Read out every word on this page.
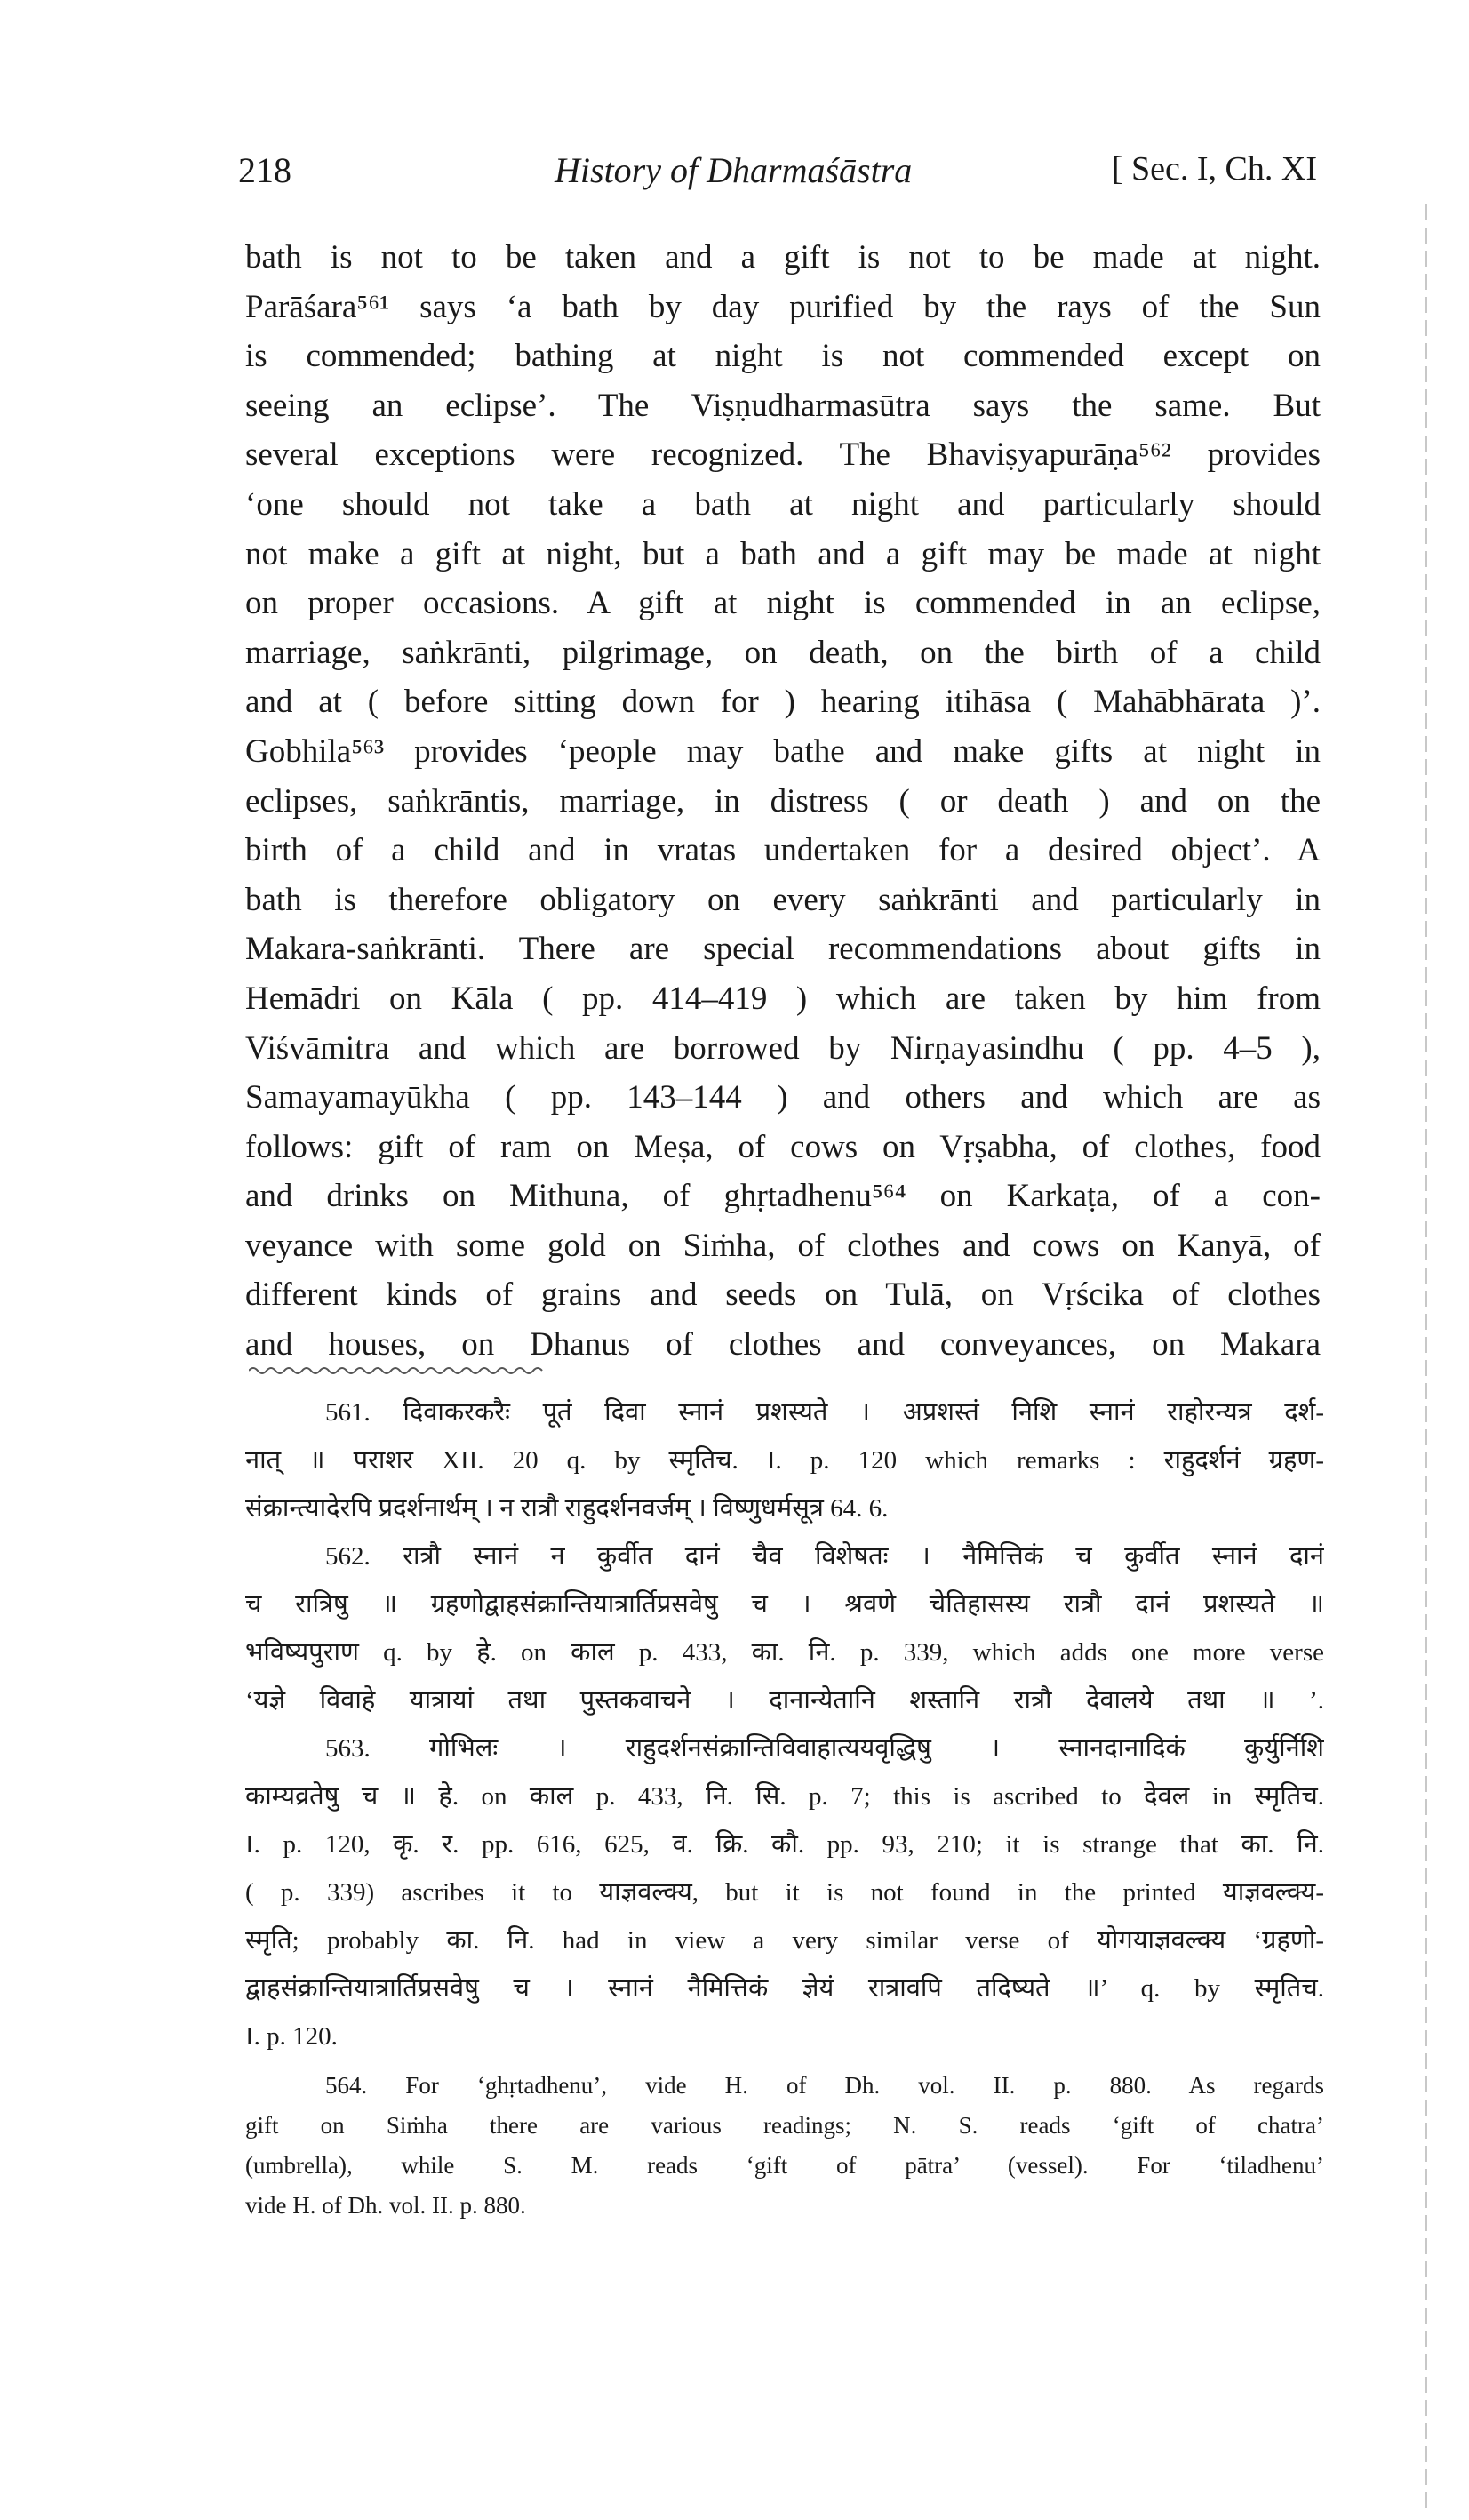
218	History of Dharmaśāstra	[ Sec. I, Ch. XI
bath is not to be taken and a gift is not to be made at night.
Parāśara⁵⁶¹ says ‘a bath by day purified by the rays of the Sun
is commended; bathing at night is not commended except on
seeing an eclipse’. The Viṣṇudharmasūtra says the same. But
several exceptions were recognized. The Bhaviṣyapurāṇa⁵⁶² provides
‘one should not take a bath at night and particularly should
not make a gift at night, but a bath and a gift may be made at night
on proper occasions. A gift at night is commended in an eclipse,
marriage, saṅkrānti, pilgrimage, on death, on the birth of a child
and at ( before sitting down for ) hearing itihāsa ( Mahābhārata )’.
Gobhila⁵⁶³ provides ‘people may bathe and make gifts at night in
eclipses, saṅkrāntis, marriage, in distress ( or death ) and on the
birth of a child and in vratas undertaken for a desired object’. A
bath is therefore obligatory on every saṅkrānti and particularly in
Makara-saṅkrānti. There are special recommendations about gifts in
Hemādri on Kāla ( pp. 414–419 ) which are taken by him from
Viśvāmitra and which are borrowed by Nirṇayasindhu ( pp. 4–5 ),
Samayamayūkha ( pp. 143–144 ) and others and which are as
follows: gift of ram on Meṣa, of cows on Vṛṣabha, of clothes, food
and drinks on Mithuna, of ghṛtadhenu⁵⁶⁴ on Karkaṭa, of a con-
veyance with some gold on Siṁha, of clothes and cows on Kanyā, of
different kinds of grains and seeds on Tulā, on Vṛścika of clothes
and houses, on Dhanus of clothes and conveyances, on Makara
561. दिवाकरकरैः पूतं दिवा स्नानं प्रशस्यते । अप्रशस्तं निशि स्नानं राहोरन्यत्र दर्श-
नात् ॥ पराशर XII. 20 q. by स्मृतिच. I. p. 120 which remarks : राहुदर्शनं ग्रहण-
संक्रान्त्यादेरपि प्रदर्शनार्थम् । न रात्रौ राहुदर्शनवर्जम् । विष्णुधर्मसूत्र 64. 6.
562. रात्रौ स्नानं न कुर्वीत दानं चैव विशेषतः । नैमित्तिकं च कुर्वीत स्नानं दानं
च रात्रिषु ॥ ग्रहणोद्वाहसंक्रान्तियात्रार्तिप्रसवेषु च । श्रवणे चेतिहासस्य रात्रौ दानं प्रशस्यते ॥
भविष्यपुराण q. by हे. on काल p. 433, का. नि. p. 339, which adds one more verse
‘यज्ञे विवाहे यात्रायां तथा पुस्तकवाचने । दानान्येतानि शस्तानि रात्रौ देवालये तथा ॥ ’.
563. गोभिलः । राहुदर्शनसंक्रान्तिविवाहात्ययवृद्धिषु । स्नानदानादिकं कुर्युर्निशि
काम्यव्रतेषु च ॥ हे. on काल p. 433, नि. सि. p. 7; this is ascribed to देवल in स्मृतिच.
I. p. 120, कृ. र. pp. 616, 625, व. क्रि. कौ. pp. 93, 210; it is strange that का. नि.
( p. 339) ascribes it to याज्ञवल्क्य, but it is not found in the printed याज्ञवल्क्य-
स्मृति; probably का. नि. had in view a very similar verse of योगयाज्ञवल्क्य ‘ग्रहणो-
द्वाहसंक्रान्तियात्रार्तिप्रसवेषु च । स्नानं नैमित्तिकं ज्ञेयं रात्रावपि तदिष्यते ॥’ q. by स्मृतिच.
I. p. 120.
564. For ‘ghṛtadhenu’, vide H. of Dh. vol. II. p. 880. As regards
gift on Siṁha there are various readings; N. S. reads ‘gift of chatra’
(umbrella), while S. M. reads ‘gift of pātra’ (vessel). For ‘tiladhenu’
vide H. of Dh. vol. II. p. 880.
